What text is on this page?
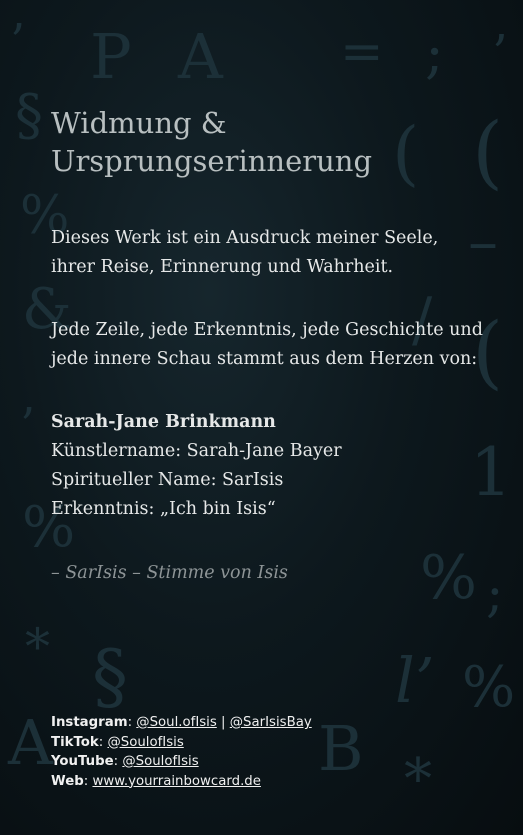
’ P A = ; ’
§	( (
%	–
&	/ (
’
1
%
% ;
* §	l’ %
A	B *
Widmung &
Ursprungserinnerung
Dieses Werk ist ein Ausdruck meiner Seele,
ihrer Reise, Erinnerung und Wahrheit.
Jede Zeile, jede Erkenntnis, jede Geschichte und
jede innere Schau stammt aus dem Herzen von:
Sarah-Jane Brinkmann
Künstlername: Sarah-Jane Bayer
Spiritueller Name: SarIsis
Erkenntnis: „Ich bin Isis“
– SarIsis – Stimme von Isis
Instagram: @Soul.ofIsis | @SarIsisBay
TikTok: @SoulofIsis
YouTube: @SoulofIsis
Web: www.yourrainbowcard.de
